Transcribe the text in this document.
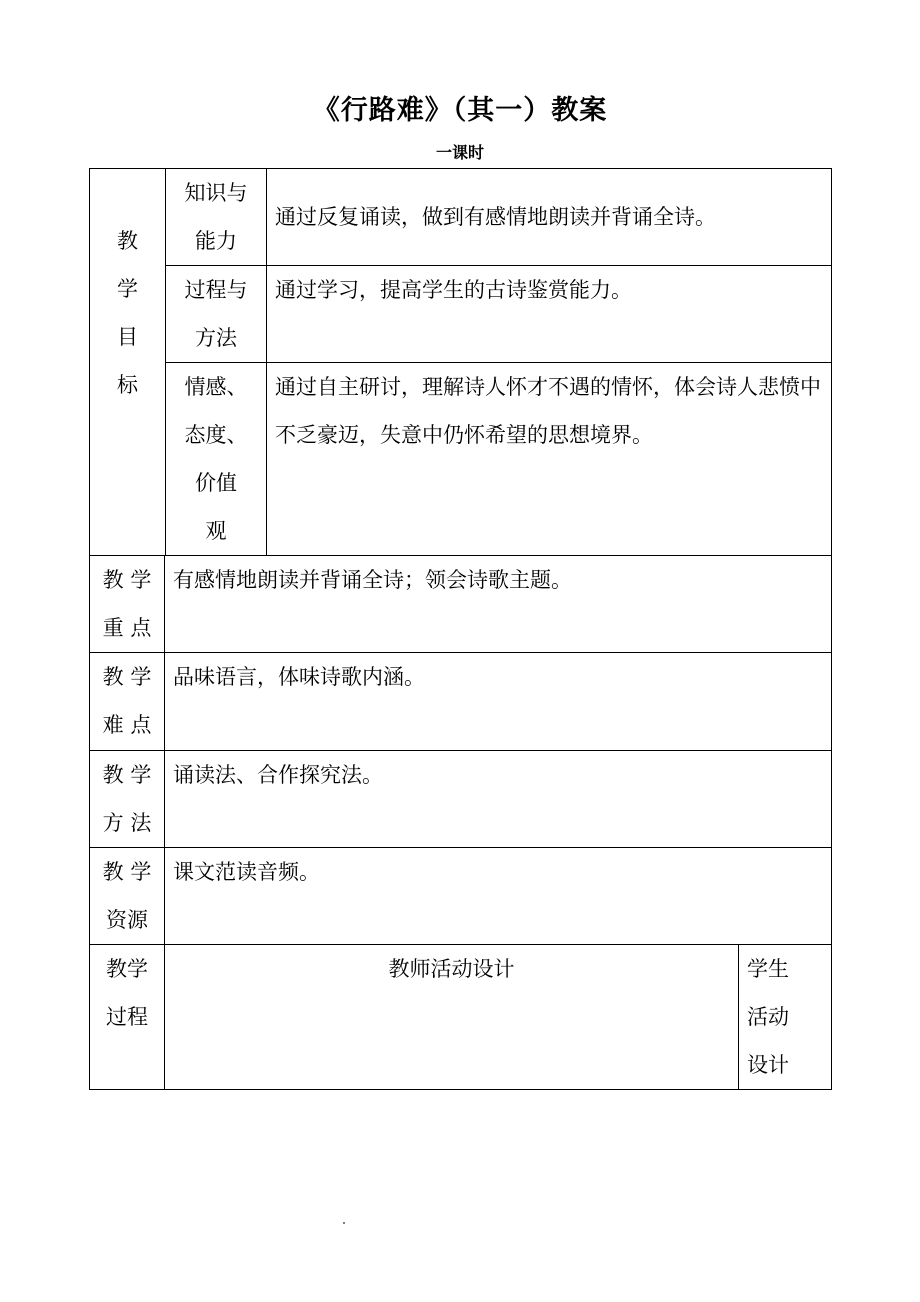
《行路难》（其一）教案
一课时
教
学
目
标
知识与
能力
通过反复诵读，做到有感情地朗读并背诵全诗。
过程与
方法
通过学习，提高学生的古诗鉴赏能力。
情感、
态度、
价值
观
通过自主研讨，理解诗人怀才不遇的情怀，体会诗人悲愤中不乏豪迈，失意中仍怀希望的思想境界。
教 学
重 点
有感情地朗读并背诵全诗；领会诗歌主题。
教 学
难 点
品味语言，体味诗歌内涵。
教 学
方 法
诵读法、合作探究法。
教 学
资源
课文范读音频。
教学
过程
教师活动设计	学生
活动
设计
